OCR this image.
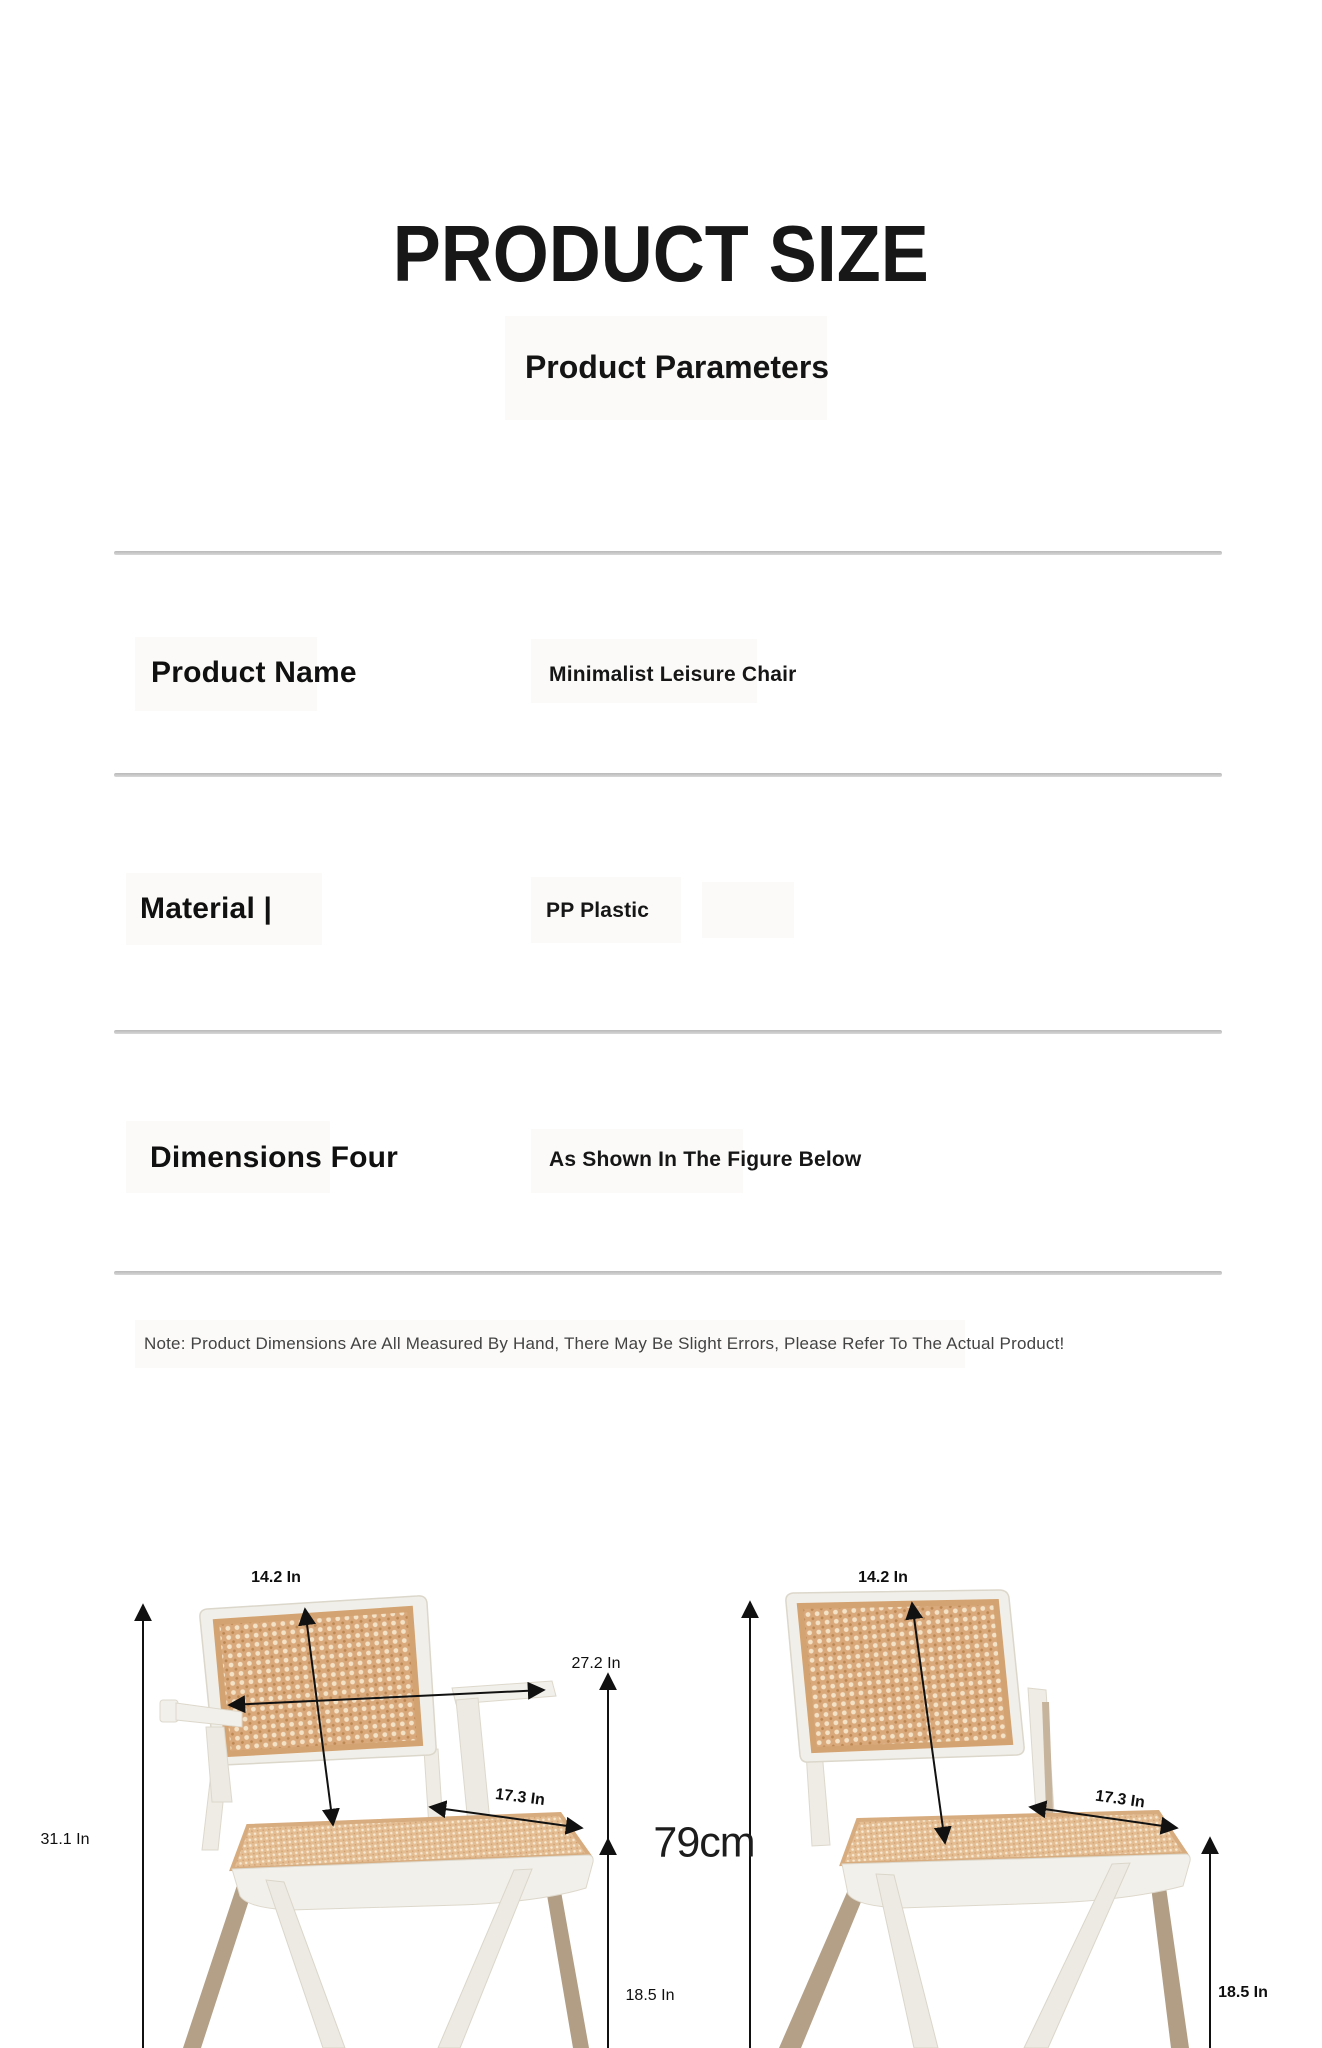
PRODUCT SIZE
Product Parameters
Product Name	Minimalist Leisure Chair
Material |	PP Plastic
Dimensions Four	As Shown In The Figure Below
Note: Product Dimensions Are All Measured By Hand, There May Be Slight Errors, Please Refer To The Actual Product!
14.2 In
31.1 In
27.2 In
17.3 In
18.5 In
14.2 In
79cm
17.3 In
18.5 In
